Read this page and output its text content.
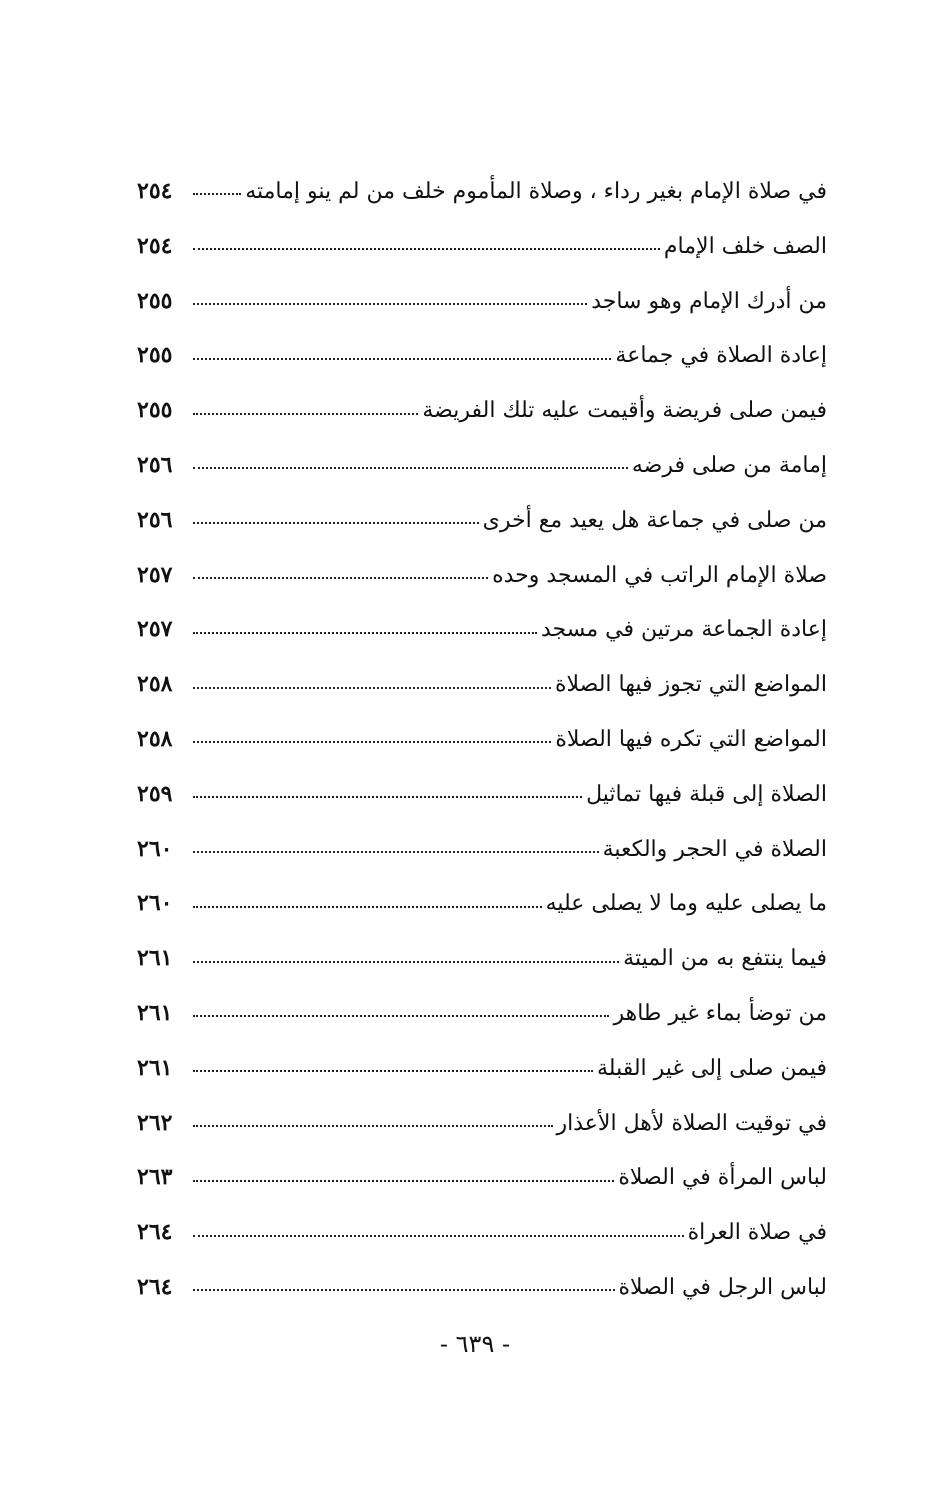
في صلاة الإمام بغير رداء ، وصلاة المأموم خلف من لم ينو إمامته
٢٥٤
الصف خلف الإمام
٢٥٤
من أدرك الإمام وهو ساجد
٢٥٥
إعادة الصلاة في جماعة
٢٥٥
فيمن صلى فريضة وأقيمت عليه تلك الفريضة
٢٥٥
إمامة من صلى فرضه
٢٥٦
من صلى في جماعة هل يعيد مع أخرى
٢٥٦
صلاة الإمام الراتب في المسجد وحده
٢٥٧
إعادة الجماعة مرتين في مسجد
٢٥٧
المواضع التي تجوز فيها الصلاة
٢٥٨
المواضع التي تكره فيها الصلاة
٢٥٨
الصلاة إلى قبلة فيها تماثيل
٢٥٩
الصلاة في الحجر والكعبة
٢٦٠
ما يصلى عليه وما لا يصلى عليه
٢٦٠
فيما ينتفع به من الميتة
٢٦١
من توضأ بماء غير طاهر
٢٦١
فيمن صلى إلى غير القبلة
٢٦١
في توقيت الصلاة لأهل الأعذار
٢٦٢
لباس المرأة في الصلاة
٢٦٣
في صلاة العراة
٢٦٤
لباس الرجل في الصلاة
٢٦٤
- ٦٣٩ -
